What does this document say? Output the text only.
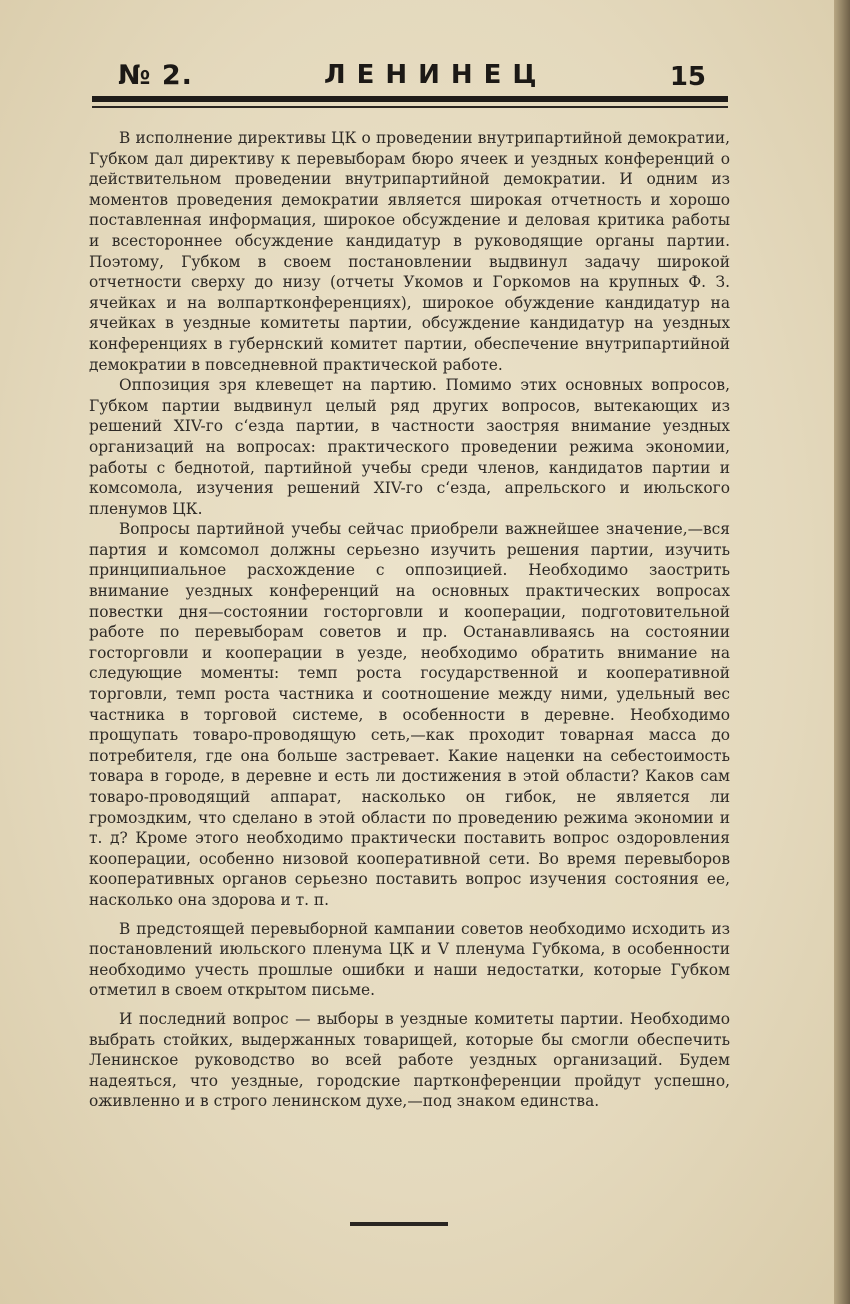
№ 2.	ЛЕНИНЕЦ	15

В исполнение директивы ЦК о проведении внутрипартийной демократии, Губком дал директиву к перевыборам бюро ячеек и уездных конференций о действительном проведении внутрипартийной демократии. И одним из моментов проведения демократии является широкая отчетность и хорошо поставленная информация, широкое обсуждение и деловая критика работы и всестороннее обсуждение кандидатур в руководящие органы партии. Поэтому, Губком в своем постановлении выдвинул задачу широкой отчетности сверху до низу (отчеты Укомов и Горкомов на крупных Ф. З. ячейках и на волпартконференциях), широкое обуждение кандидатур на ячейках в уездные комитеты партии, обсуждение кандидатур на уездных конференциях в губернский комитет партии, обеспечение внутрипартийной демократии в повседневной практической работе.

Оппозиция зря клевещет на партию. Помимо этих основных вопросов, Губком партии выдвинул целый ряд других вопросов, вытекающих из решений XIV-го с‘езда партии, в частности заостряя внимание уездных организаций на вопросах: практического проведении режима экономии, работы с беднотой, партийной учебы среди членов, кандидатов партии и комсомола, изучения решений XIV-го с‘езда, апрельского и июльского пленумов ЦК.

Вопросы партийной учебы сейчас приобрели важнейшее значение,—вся партия и комсомол должны серьезно изучить решения партии, изучить принципиальное расхождение с оппозицией. Необходимо заострить внимание уездных конференций на основных практических вопросах повестки дня—состоянии госторговли и кооперации, подготовительной работе по перевыборам советов и пр. Останавливаясь на состоянии госторговли и кооперации в уезде, необходимо обратить внимание на следующие моменты: темп роста государственной и кооперативной торговли, темп роста частника и соотношение между ними, удельный вес частника в торговой системе, в особенности в деревне. Необходимо прощупать товаро-проводящую сеть,—как проходит товарная масса до потребителя, где она больше застревает. Какие наценки на себестоимость товара в городе, в деревне и есть ли достижения в этой области? Каков сам товаро-проводящий аппарат, насколько он гибок, не является ли громоздким, что сделано в этой области по проведению режима экономии и т. д? Кроме этого необходимо практически поставить вопрос оздоровления кооперации, особенно низовой кооперативной сети. Во время перевыборов кооперативных органов серьезно поставить вопрос изучения состояния ее, насколько она здорова и т. п.

В предстоящей перевыборной кампании советов необходимо исходить из постановлений июльского пленума ЦК и V пленума Губкома, в особенности необходимо учесть прошлые ошибки и наши недостатки, которые Губком отметил в своем открытом письме.

И последний вопрос — выборы в уездные комитеты партии. Необходимо выбрать стойких, выдержанных товарищей, которые бы смогли обеспечить Ленинское руководство во всей работе уездных организаций. Будем надеяться, что уездные, городские партконференции пройдут успешно, оживленно и в строго ленинском духе,—под знаком единства.
